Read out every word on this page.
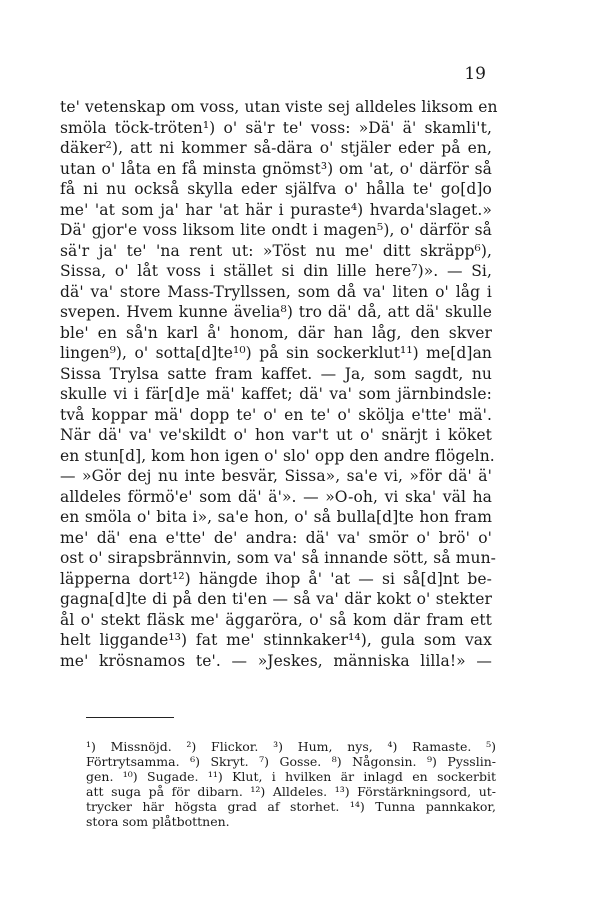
19
te' vetenskap om voss, utan viste sej alldeles liksom en
smöla töck-tröten¹) o' sä'r te' voss: »Dä' ä' skamli't,
däker²), att ni kommer så-dära o' stjäler eder på en,
utan o' låta en få minsta gnömst³) om 'at, o' därför så
få ni nu också skylla eder själfva o' hålla te' go[d]o
me' 'at som ja' har 'at här i puraste⁴) hvarda'slaget.»
Dä' gjor'e voss liksom lite ondt i magen⁵), o' därför så
sä'r ja' te' 'na rent ut: »Töst nu me' ditt skräpp⁶),
Sissa, o' låt voss i stället si din lille here⁷)». — Si,
dä' va' store Mass-Tryllssen, som då va' liten o' låg i
svepen. Hvem kunne ävelia⁸) tro dä' då, att dä' skulle
ble' en så'n karl å' honom, där han låg, den skver
lingen⁹), o' sotta[d]te¹⁰) på sin sockerklut¹¹) me[d]an
Sissa Trylsa satte fram kaffet. — Ja, som sagdt, nu
skulle vi i fär[d]e mä' kaffet; dä' va' som järnbindsle:
två koppar mä' dopp te' o' en te' o' skölja e'tte' mä'.
När dä' va' ve'skildt o' hon var't ut o' snärjt i köket
en stun[d], kom hon igen o' slo' opp den andre flögeln.
— »Gör dej nu inte besvär, Sissa», sa'e vi, »för dä' ä'
alldeles förmö'e' som dä' ä'». — »O-oh, vi ska' väl ha
en smöla o' bita i», sa'e hon, o' så bulla[d]te hon fram
me' dä' ena e'tte' de' andra: dä' va' smör o' brö' o'
ost o' sirapsbrännvin, som va' så innande sött, så mun-
läpperna dort¹²) hängde ihop å' 'at — si så[d]nt be-
gagna[d]te di på den ti'en — så va' där kokt o' stekter
ål o' stekt fläsk me' äggaröra, o' så kom där fram ett
helt liggande¹³) fat me' stinnkaker¹⁴), gula som vax
me' krösnamos te'. — »Jeskes, människa lilla!» —
¹) Missnöjd. ²) Flickor. ³) Hum, nys, ⁴) Ramaste. ⁵)
Förtrytsamma. ⁶) Skryt. ⁷) Gosse. ⁸) Någonsin. ⁹) Pysslin-
gen. ¹⁰) Sugade. ¹¹) Klut, i hvilken är inlagd en sockerbit
att suga på för dibarn. ¹²) Alldeles. ¹³) Förstärkningsord, ut-
trycker här högsta grad af storhet. ¹⁴) Tunna pannkakor,
stora som plåtbottnen.
